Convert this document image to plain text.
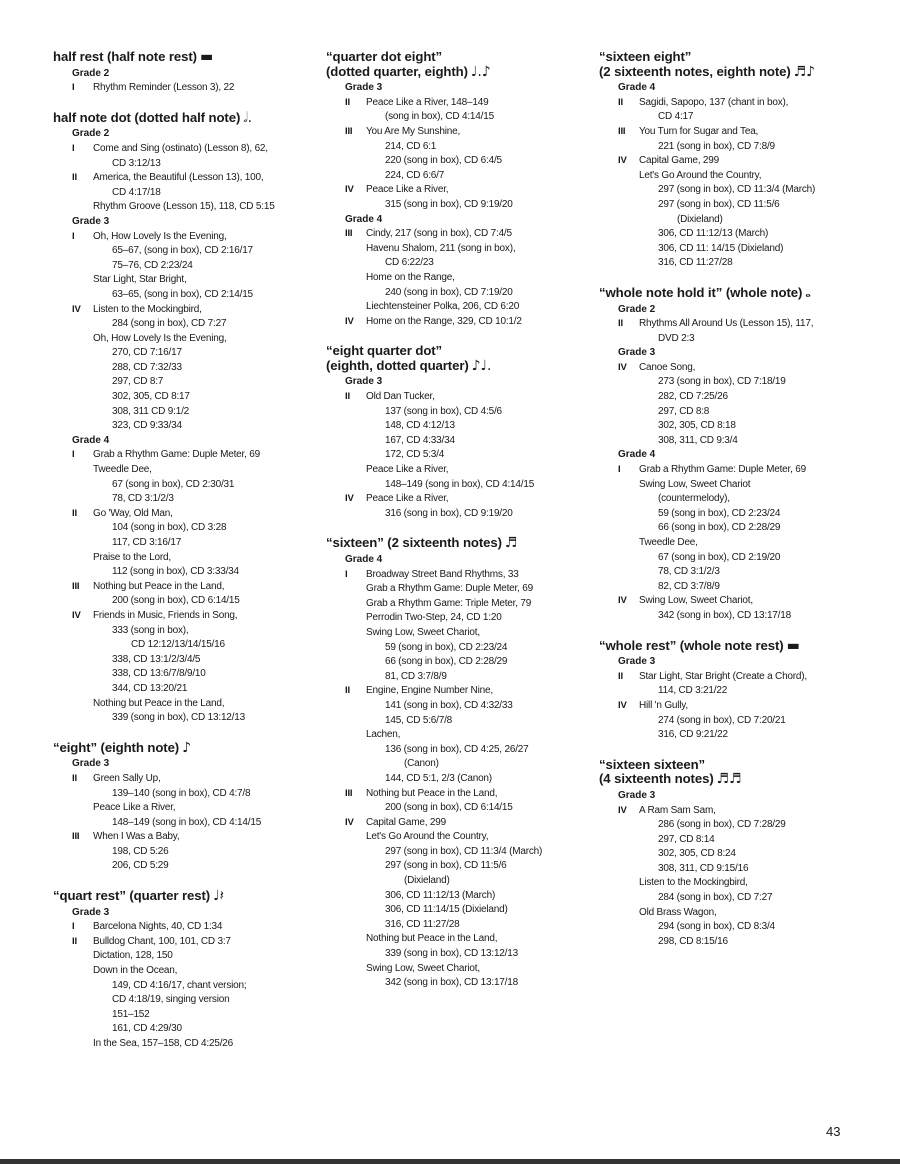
half rest (half note rest) ▬
Grade 2
I	Rhythm Reminder (Lesson 3), 22
half note dot (dotted half note) 𝅗𝅥.
Grade 2
I	Come and Sing (ostinato) (Lesson 8), 62,
CD 3:12/13
II	America, the Beautiful (Lesson 13), 100,
CD 4:17/18
Rhythm Groove (Lesson 15), 118, CD 5:15
Grade 3
I	Oh, How Lovely Is the Evening,
65–67, (song in box), CD 2:16/17
75–76, CD 2:23/24
Star Light, Star Bright,
63–65, (song in box), CD 2:14/15
IV	Listen to the Mockingbird,
284 (song in box), CD 7:27
Oh, How Lovely Is the Evening,
270, CD 7:16/17
288, CD 7:32/33
297, CD 8:7
302, 305, CD 8:17
308, 311 CD 9:1/2
323, CD 9:33/34
Grade 4
I	Grab a Rhythm Game: Duple Meter, 69
Tweedle Dee,
67 (song in box), CD 2:30/31
78, CD 3:1/2/3
II	Go 'Way, Old Man,
104 (song in box), CD 3:28
117, CD 3:16/17
Praise to the Lord,
112 (song in box), CD 3:33/34
III	Nothing but Peace in the Land,
200 (song in box), CD 6:14/15
IV	Friends in Music, Friends in Song,
333 (song in box),
CD 12:12/13/14/15/16
338, CD 13:1/2/3/4/5
338, CD 13:6/7/8/9/10
344, CD 13:20/21
Nothing but Peace in the Land,
339 (song in box), CD 13:12/13
“eight” (eighth note) ♪
Grade 3
II	Green Sally Up,
139–140 (song in box), CD 4:7/8
Peace Like a River,
148–149 (song in box), CD 4:14/15
III	When I Was a Baby,
198, CD 5:26
206, CD 5:29
“quart rest” (quarter rest) ♩𝄽
Grade 3
I	Barcelona Nights, 40, CD 1:34
II	Bulldog Chant, 100, 101, CD 3:7
Dictation, 128, 150
Down in the Ocean,
149, CD 4:16/17, chant version;
CD 4:18/19, singing version
151–152
161, CD 4:29/30
In the Sea, 157–158, CD 4:25/26
“quarter dot eight”
(dotted quarter, eighth) ♩.♪
Grade 3
II	Peace Like a River, 148–149
(song in box), CD 4:14/15
III	You Are My Sunshine,
214, CD 6:1
220 (song in box), CD 6:4/5
224, CD 6:6/7
IV	Peace Like a River,
315 (song in box), CD 9:19/20
Grade 4
III	Cindy, 217 (song in box), CD 7:4/5
Havenu Shalom, 211 (song in box),
CD 6:22/23
Home on the Range,
240 (song in box), CD 7:19/20
Liechtensteiner Polka, 206, CD 6:20
IV	Home on the Range, 329, CD 10:1/2
“eight quarter dot”
(eighth, dotted quarter) ♪♩.
Grade 3
II	Old Dan Tucker,
137 (song in box), CD 4:5/6
148, CD 4:12/13
167, CD 4:33/34
172, CD 5:3/4
Peace Like a River,
148–149 (song in box), CD 4:14/15
IV	Peace Like a River,
316 (song in box), CD 9:19/20
“sixteen” (2 sixteenth notes) ♬
Grade 4
I	Broadway Street Band Rhythms, 33
Grab a Rhythm Game: Duple Meter, 69
Grab a Rhythm Game: Triple Meter, 79
Perrodin Two-Step, 24, CD 1:20
Swing Low, Sweet Chariot,
59 (song in box), CD 2:23/24
66 (song in box), CD 2:28/29
81, CD 3:7/8/9
II	Engine, Engine Number Nine,
141 (song in box), CD 4:32/33
145, CD 5:6/7/8
Lachen,
136 (song in box), CD 4:25, 26/27
(Canon)
144, CD 5:1, 2/3 (Canon)
III	Nothing but Peace in the Land,
200 (song in box), CD 6:14/15
IV	Capital Game, 299
Let's Go Around the Country,
297 (song in box), CD 11:3/4 (March)
297 (song in box), CD 11:5/6
(Dixieland)
306, CD 11:12/13 (March)
306, CD 11:14/15 (Dixieland)
316, CD 11:27/28
Nothing but Peace in the Land,
339 (song in box), CD 13:12/13
Swing Low, Sweet Chariot,
342 (song in box), CD 13:17/18
“sixteen eight”
(2 sixteenth notes, eighth note) ♬♪
Grade 4
II	Sagidi, Sapopo, 137 (chant in box),
CD 4:17
III	You Turn for Sugar and Tea,
221 (song in box), CD 7:8/9
IV	Capital Game, 299
Let's Go Around the Country,
297 (song in box), CD 11:3/4 (March)
297 (song in box), CD 11:5/6
(Dixieland)
306, CD 11:12/13 (March)
306, CD 11: 14/15 (Dixieland)
316, CD 11:27/28
“whole note hold it” (whole note) 𝅝
Grade 2
II	Rhythms All Around Us (Lesson 15), 117,
DVD 2:3
Grade 3
IV	Canoe Song,
273 (song in box), CD 7:18/19
282, CD 7:25/26
297, CD 8:8
302, 305, CD 8:18
308, 311, CD 9:3/4
Grade 4
I	Grab a Rhythm Game: Duple Meter, 69
Swing Low, Sweet Chariot
(countermelody),
59 (song in box), CD 2:23/24
66 (song in box), CD 2:28/29
Tweedle Dee,
67 (song in box), CD 2:19/20
78, CD 3:1/2/3
82, CD 3:7/8/9
IV	Swing Low, Sweet Chariot,
342 (song in box), CD 13:17/18
“whole rest” (whole note rest) ▬
Grade 3
II	Star Light, Star Bright (Create a Chord),
114, CD 3:21/22
IV	Hill 'n Gully,
274 (song in box), CD 7:20/21
316, CD 9:21/22
“sixteen sixteen”
(4 sixteenth notes) ♬♬
Grade 3
IV	A Ram Sam Sam,
286 (song in box), CD 7:28/29
297, CD 8:14
302, 305, CD 8:24
308, 311, CD 9:15/16
Listen to the Mockingbird,
284 (song in box), CD 7:27
Old Brass Wagon,
294 (song in box), CD 8:3/4
298, CD 8:15/16
43
